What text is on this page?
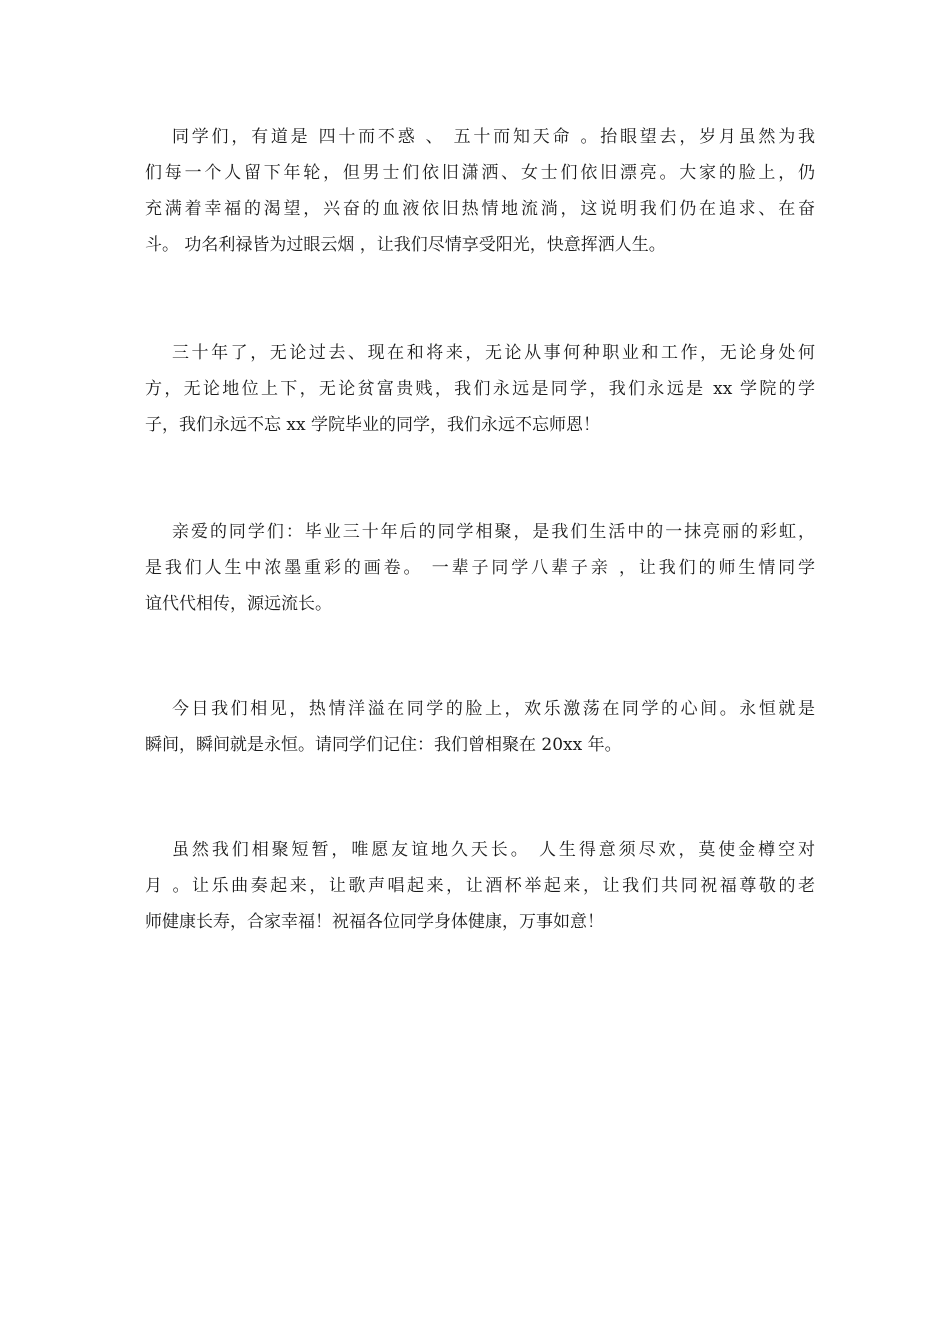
同学们，有道是 四十而不惑 、 五十而知天命 。抬眼望去，岁月虽然为我
们每一个人留下年轮，但男士们依旧潇洒、女士们依旧漂亮。大家的脸上，仍
充满着幸福的渴望，兴奋的血液依旧热情地流淌，这说明我们仍在追求、在奋
斗。 功名利禄皆为过眼云烟 ，让我们尽情享受阳光，快意挥洒人生。
三十年了，无论过去、现在和将来，无论从事何种职业和工作，无论身处何
方，无论地位上下，无论贫富贵贱，我们永远是同学，我们永远是 xx 学院的学
子，我们永远不忘 xx 学院毕业的同学，我们永远不忘师恩！
亲爱的同学们：毕业三十年后的同学相聚，是我们生活中的一抹亮丽的彩虹，
是我们人生中浓墨重彩的画卷。 一辈子同学八辈子亲 ，让我们的师生情同学
谊代代相传，源远流长。
今日我们相见，热情洋溢在同学的脸上，欢乐激荡在同学的心间。永恒就是
瞬间，瞬间就是永恒。请同学们记住：我们曾相聚在 20xx 年。
虽然我们相聚短暂，唯愿友谊地久天长。 人生得意须尽欢，莫使金樽空对
月 。让乐曲奏起来，让歌声唱起来，让酒杯举起来，让我们共同祝福尊敬的老
师健康长寿，合家幸福！祝福各位同学身体健康，万事如意！
